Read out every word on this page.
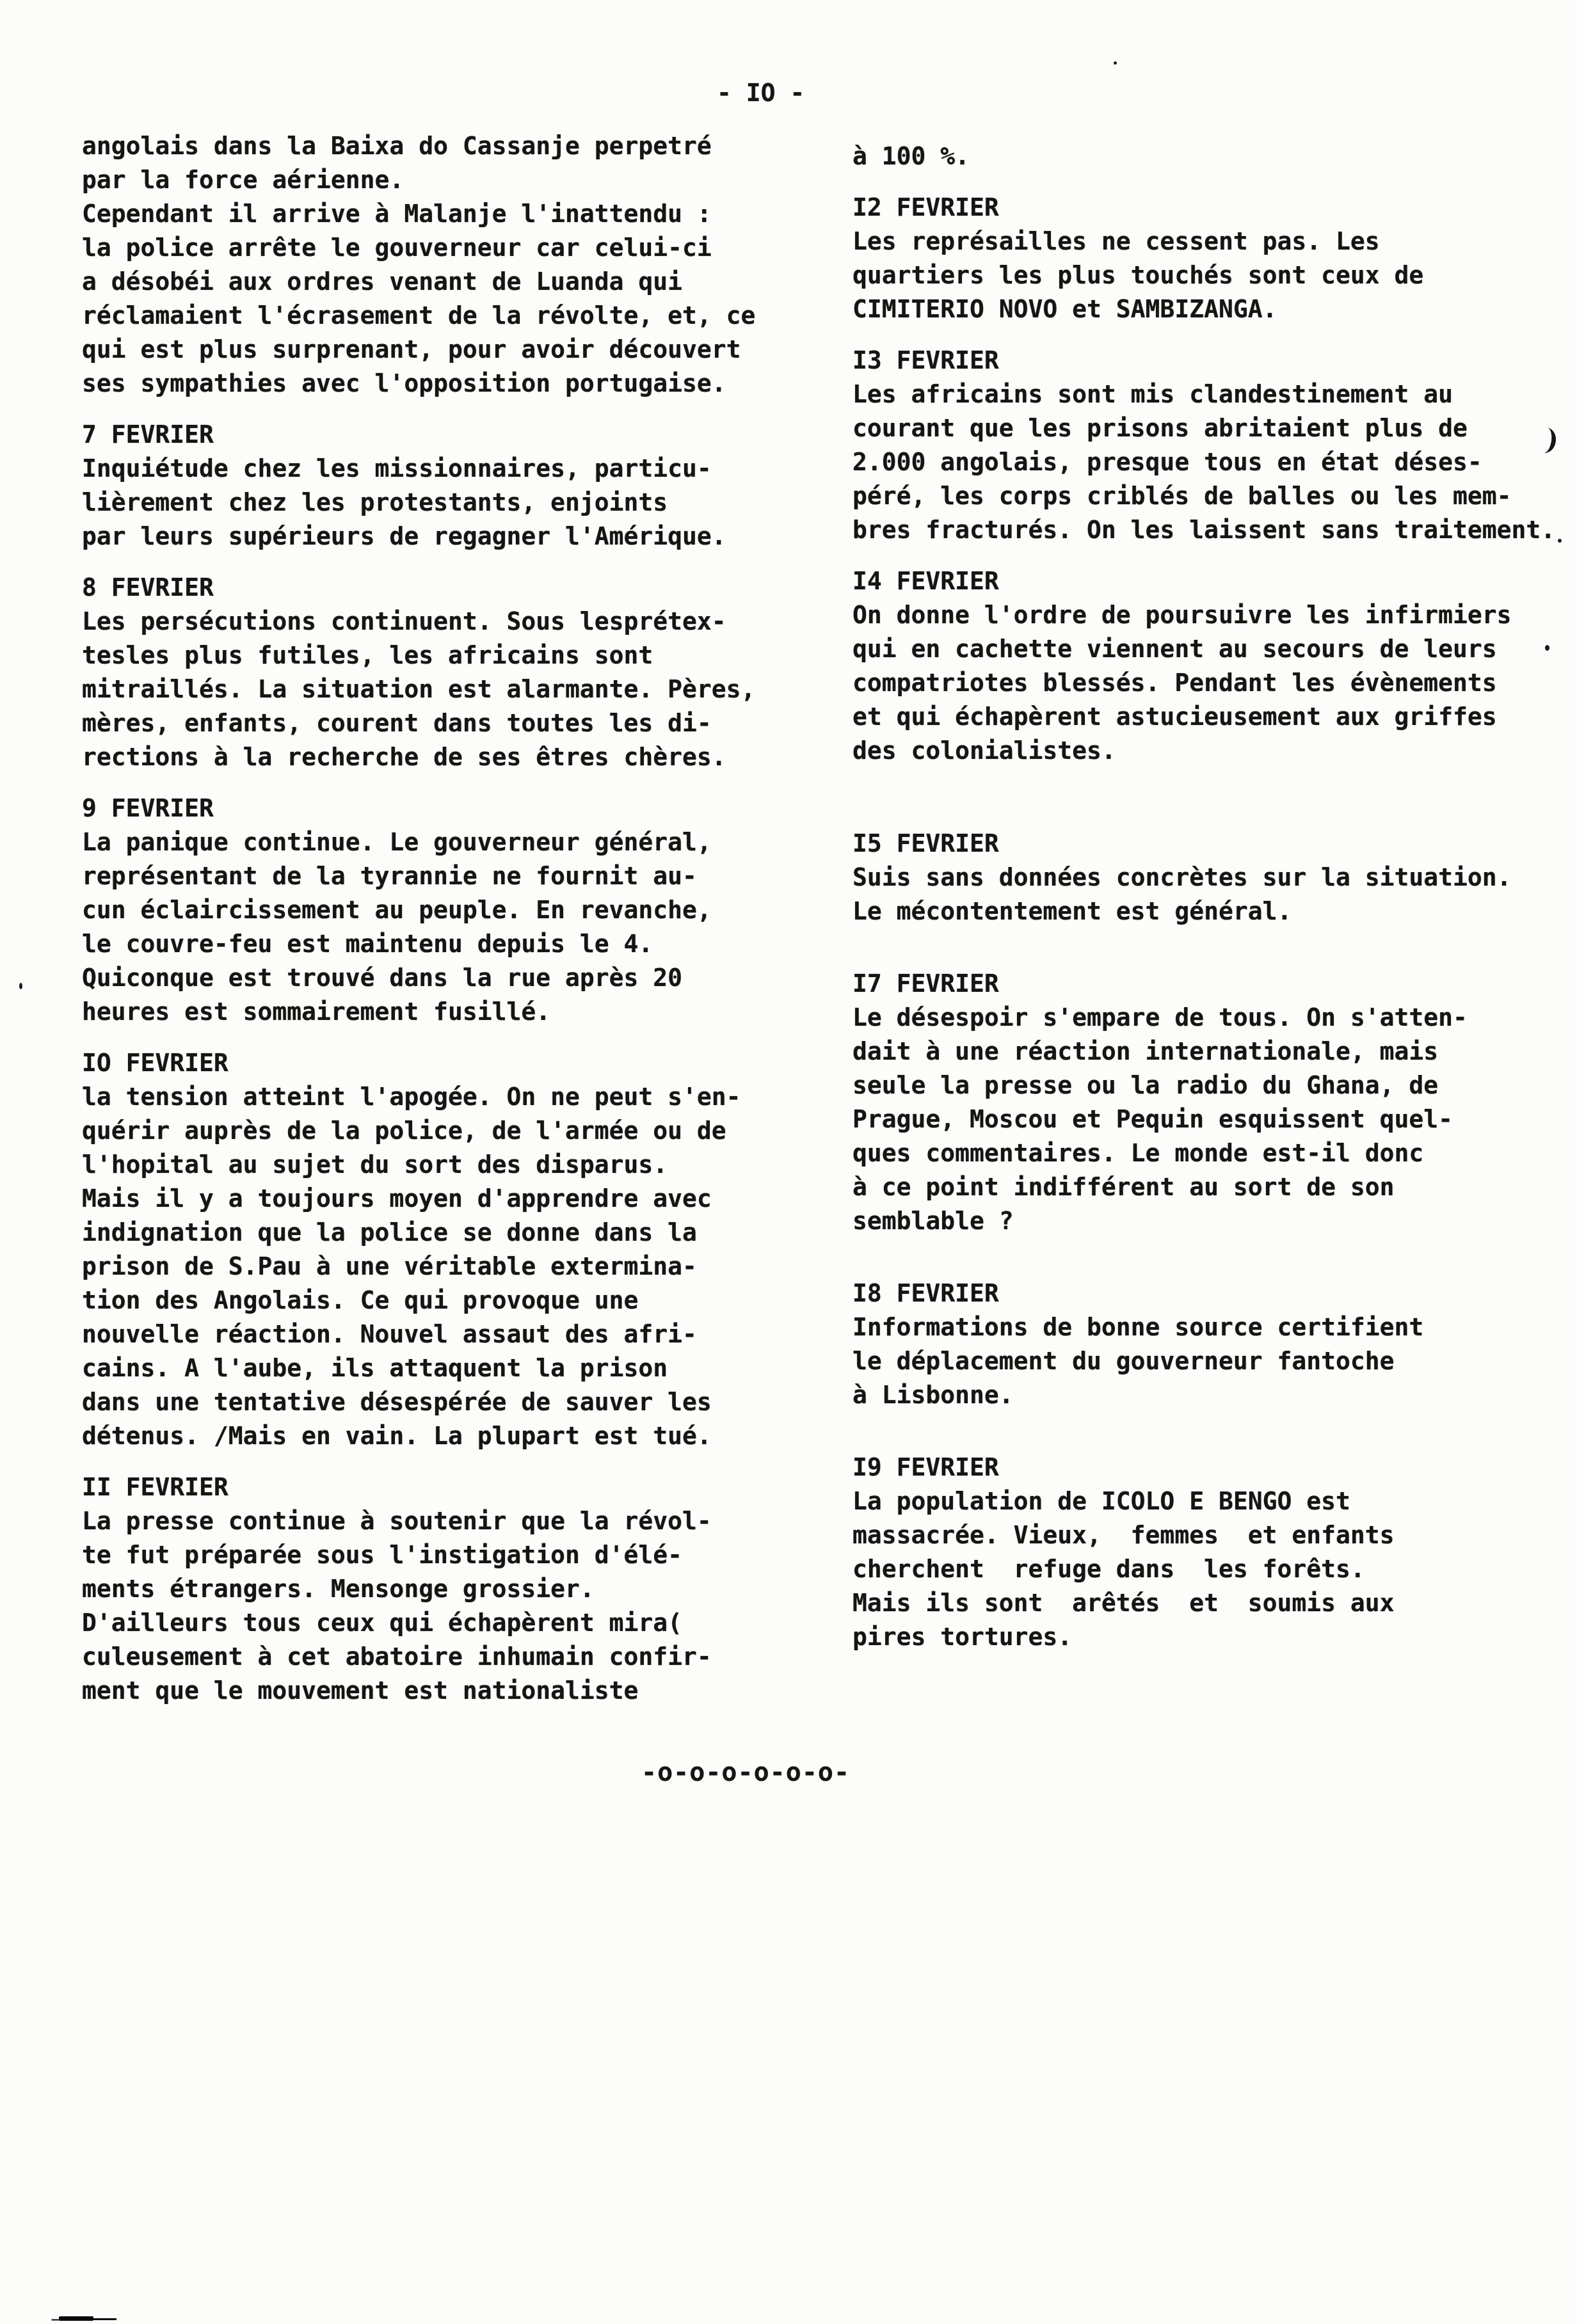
- IO -
angolais dans la Baixa do Cassanje perpetré
par la force aérienne.
Cependant il arrive à Malanje l'inattendu :
la police arrête le gouverneur car celui-ci
a désobéi aux ordres venant de Luanda qui
réclamaient l'écrasement de la révolte, et, ce
qui est plus surprenant, pour avoir découvert
ses sympathies avec l'opposition portugaise.
7 FEVRIER
Inquiétude chez les missionnaires, particu-
lièrement chez les protestants, enjoints
par leurs supérieurs de regagner l'Amérique.
8 FEVRIER
Les persécutions continuent. Sous lesprétex-
tesles plus futiles, les africains sont
mitraillés. La situation est alarmante. Pères,
mères, enfants, courent dans toutes les di-
rections à la recherche de ses êtres chères.
9 FEVRIER
La panique continue. Le gouverneur général,
représentant de la tyrannie ne fournit au-
cun éclaircissement au peuple. En revanche,
le couvre-feu est maintenu depuis le 4.
Quiconque est trouvé dans la rue après 20
heures est sommairement fusillé.
IO FEVRIER
la tension atteint l'apogée. On ne peut s'en-
quérir auprès de la police, de l'armée ou de
l'hopital au sujet du sort des disparus.
Mais il y a toujours moyen d'apprendre avec
indignation que la police se donne dans la
prison de S.Pau à une véritable extermina-
tion des Angolais. Ce qui provoque une
nouvelle réaction. Nouvel assaut des afri-
cains. A l'aube, ils attaquent la prison
dans une tentative désespérée de sauver les
détenus. /Mais en vain. La plupart est tué.
II FEVRIER
La presse continue à soutenir que la révol-
te fut préparée sous l'instigation d'élé-
ments étrangers. Mensonge grossier.
D'ailleurs tous ceux qui échapèrent mira(
culeusement à cet abatoire inhumain confir-
ment que le mouvement est nationaliste
à 100 %.
I2 FEVRIER
Les représailles ne cessent pas. Les
quartiers les plus touchés sont ceux de
CIMITERIO NOVO et SAMBIZANGA.
I3 FEVRIER
Les africains sont mis clandestinement au
courant que les prisons abritaient plus de
2.000 angolais, presque tous en état déses-
péré, les corps criblés de balles ou les mem-
bres fracturés. On les laissent sans traitement.
I4 FEVRIER
On donne l'ordre de poursuivre les infirmiers
qui en cachette viennent au secours de leurs
compatriotes blessés. Pendant les évènements
et qui échapèrent astucieusement aux griffes
des colonialistes.
I5 FEVRIER
Suis sans données concrètes sur la situation.
Le mécontentement est général.
I7 FEVRIER
Le désespoir s'empare de tous. On s'atten-
dait à une réaction internationale, mais
seule la presse ou la radio du Ghana, de
Prague, Moscou et Pequin esquissent quel-
ques commentaires. Le monde est-il donc
à ce point indifférent au sort de son
semblable ?
I8 FEVRIER
Informations de bonne source certifient
le déplacement du gouverneur fantoche
à Lisbonne.
I9 FEVRIER
La population de ICOLO E BENGO est
massacrée. Vieux,  femmes  et enfants
cherchent  refuge dans  les forêts.
Mais ils sont  arêtés  et  soumis aux
pires tortures.
-o-o-o-o-o-o-
